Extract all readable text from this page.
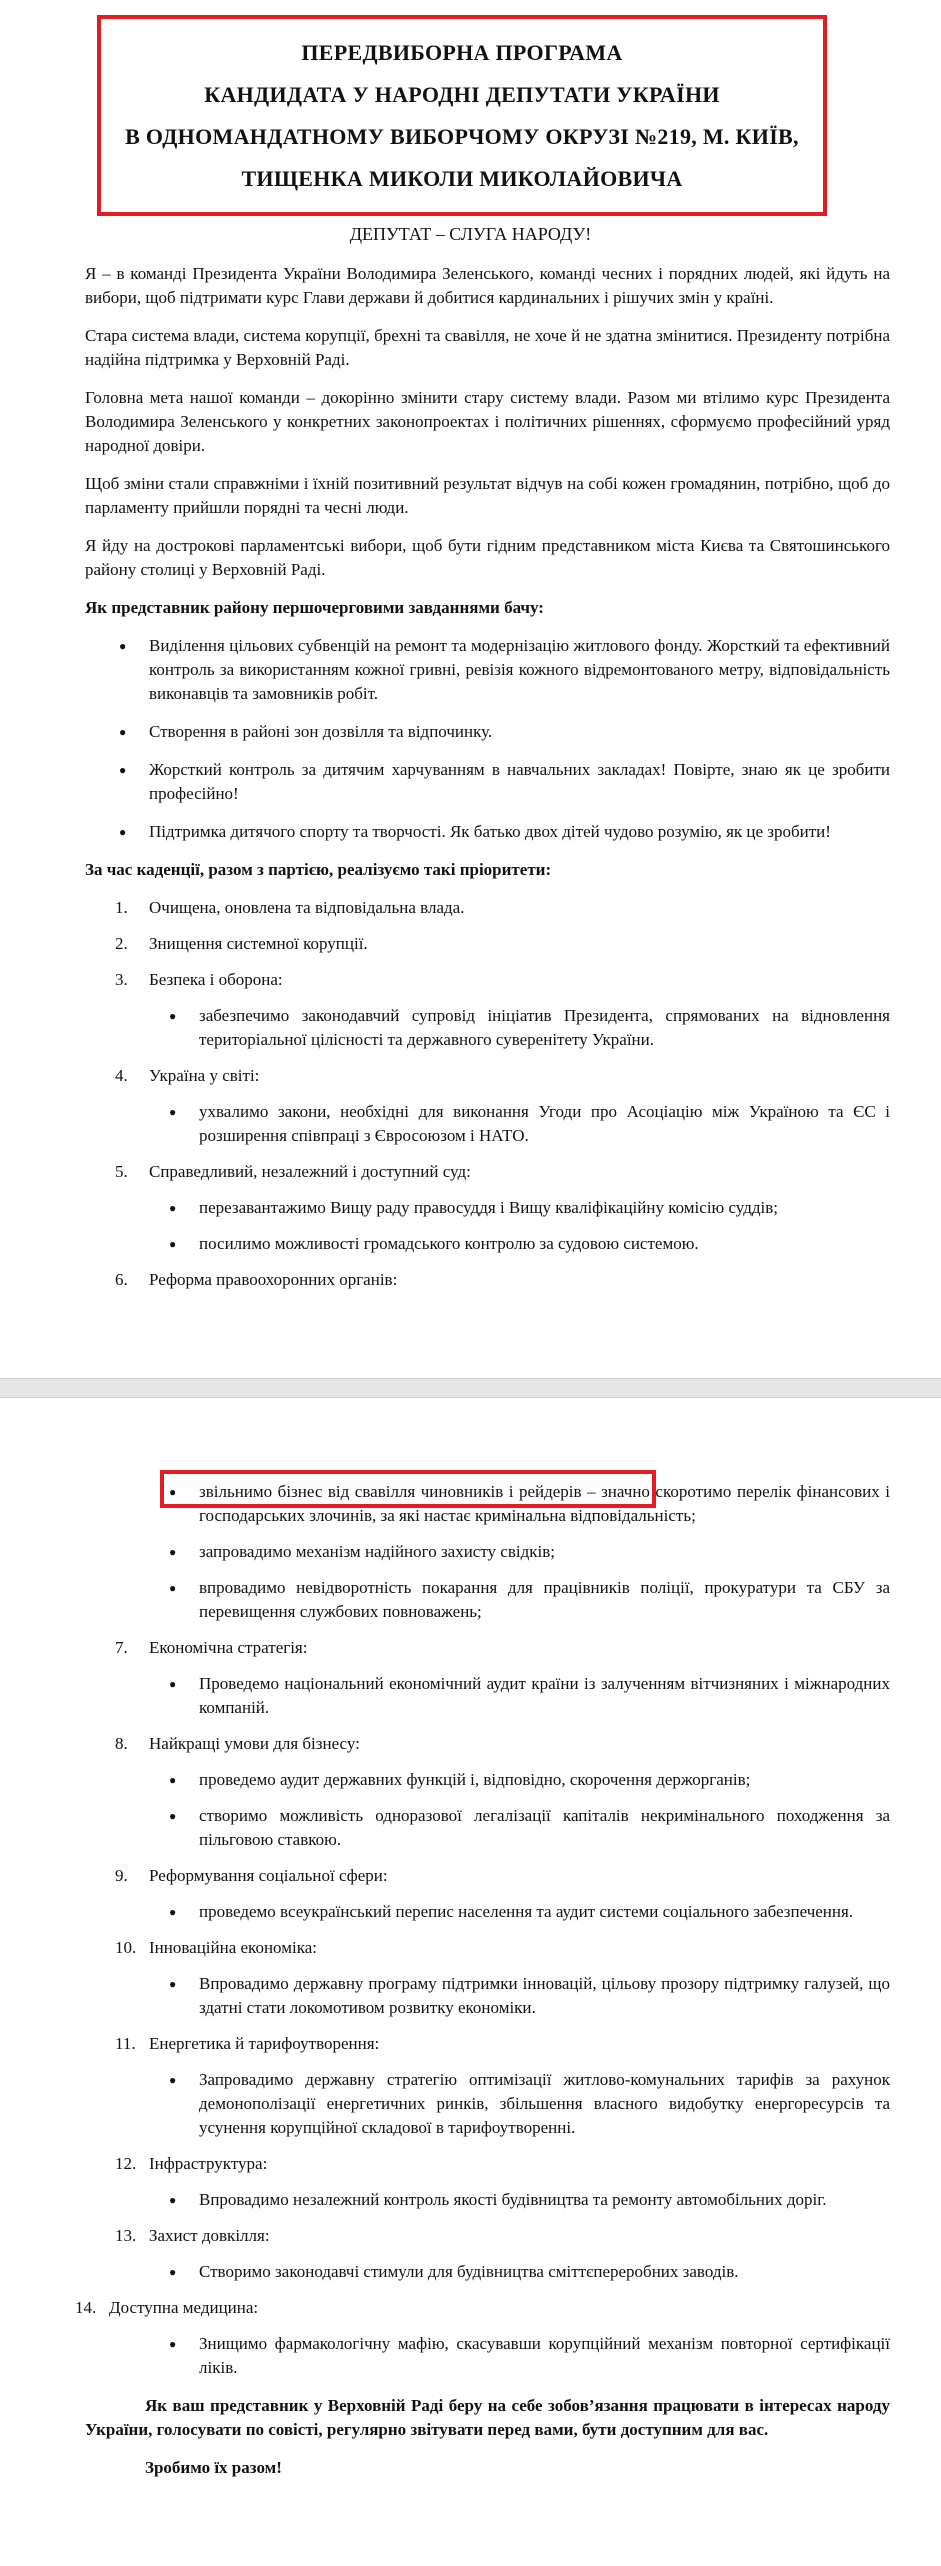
ПЕРЕДВИБОРНА ПРОГРАМА
КАНДИДАТА У НАРОДНІ ДЕПУТАТИ УКРАЇНИ
В ОДНОМАНДАТНОМУ ВИБОРЧОМУ ОКРУЗІ №219, М. КИЇВ,
ТИЩЕНКА МИКОЛИ МИКОЛАЙОВИЧА
ДЕПУТАТ – СЛУГА НАРОДУ!

Я – в команді Президента України Володимира Зеленського, команді чесних і порядних людей, які йдуть на вибори, щоб підтримати курс Глави держави й добитися кардинальних і рішучих змін у країні.

Стара система влади, система корупції, брехні та свавілля, не хоче й не здатна змінитися. Президенту потрібна надійна підтримка у Верховній Раді.

Головна мета нашої команди – докорінно змінити стару систему влади. Разом ми втілимо курс Президента Володимира Зеленського у конкретних законопроектах і політичних рішеннях, сформуємо професійний уряд народної довіри.

Щоб зміни стали справжніми і їхній позитивний результат відчув на собі кожен громадянин, потрібно, щоб до парламенту прийшли порядні та чесні люди.

Я йду на дострокові парламентські вибори, щоб бути гідним представником міста Києва та Святошинського району столиці у Верховній Раді.

Як представник району першочерговими завданнями бачу:

● Виділення цільових субвенцій на ремонт та модернізацію житлового фонду. Жорсткий та ефективний контроль за використанням кожної гривні, ревізія кожного відремонтованого метру, відповідальність виконавців та замовників робіт.
● Створення в районі зон дозвілля та відпочинку.
● Жорсткий контроль за дитячим харчуванням в навчальних закладах! Повірте, знаю як це зробити професійно!
● Підтримка дитячого спорту та творчості. Як батько двох дітей чудово розумію, як це зробити!

За час каденції, разом з партією, реалізуємо такі пріоритети:

1. Очищена, оновлена та відповідальна влада.
2. Знищення системної корупції.
3. Безпека і оборона:
● забезпечимо законодавчий супровід ініціатив Президента, спрямованих на відновлення територіальної цілісності та державного суверенітету України.
4. Україна у світі:
● ухвалимо закони, необхідні для виконання Угоди про Асоціацію між Україною та ЄС і розширення співпраці з Євросоюзом і НАТО.
5. Справедливий, незалежний і доступний суд:
● перезавантажимо Вищу раду правосуддя і Вищу кваліфікаційну комісію суддів;
● посилимо можливості громадського контролю за судовою системою.
6. Реформа правоохоронних органів:
● звільнимо бізнес від свавілля чиновників і рейдерів – значно скоротимо перелік фінансових і господарських злочинів, за які настає кримінальна відповідальність;
● запровадимо механізм надійного захисту свідків;
● впровадимо невідворотність покарання для працівників поліції, прокуратури та СБУ за перевищення службових повноважень;
7. Економічна стратегія:
● Проведемо національний економічний аудит країни із залученням вітчизняних і міжнародних компаній.
8. Найкращі умови для бізнесу:
● проведемо аудит державних функцій і, відповідно, скорочення держорганів;
● створимо можливість одноразової легалізації капіталів некримінального походження за пільговою ставкою.
9. Реформування соціальної сфери:
● проведемо всеукраїнський перепис населення та аудит системи соціального забезпечення.
10. Інноваційна економіка:
● Впровадимо державну програму підтримки інновацій, цільову прозору підтримку галузей, що здатні стати локомотивом розвитку економіки.
11. Енергетика й тарифоутворення:
● Запровадимо державну стратегію оптимізації житлово-комунальних тарифів за рахунок демонополізації енергетичних ринків, збільшення власного видобутку енергоресурсів та усунення корупційної складової в тарифоутворенні.
12. Інфраструктура:
● Впровадимо незалежний контроль якості будівництва та ремонту автомобільних доріг.
13. Захист довкілля:
● Створимо законодавчі стимули для будівництва сміттєпереробних заводів.
14. Доступна медицина:
● Знищимо фармакологічну мафію, скасувавши корупційний механізм повторної сертифікації ліків.

Як ваш представник у Верховній Раді беру на себе зобов’язання працювати в інтересах народу України, голосувати по совісті, регулярно звітувати перед вами, бути доступним для вас.

Зробимо їх разом!
